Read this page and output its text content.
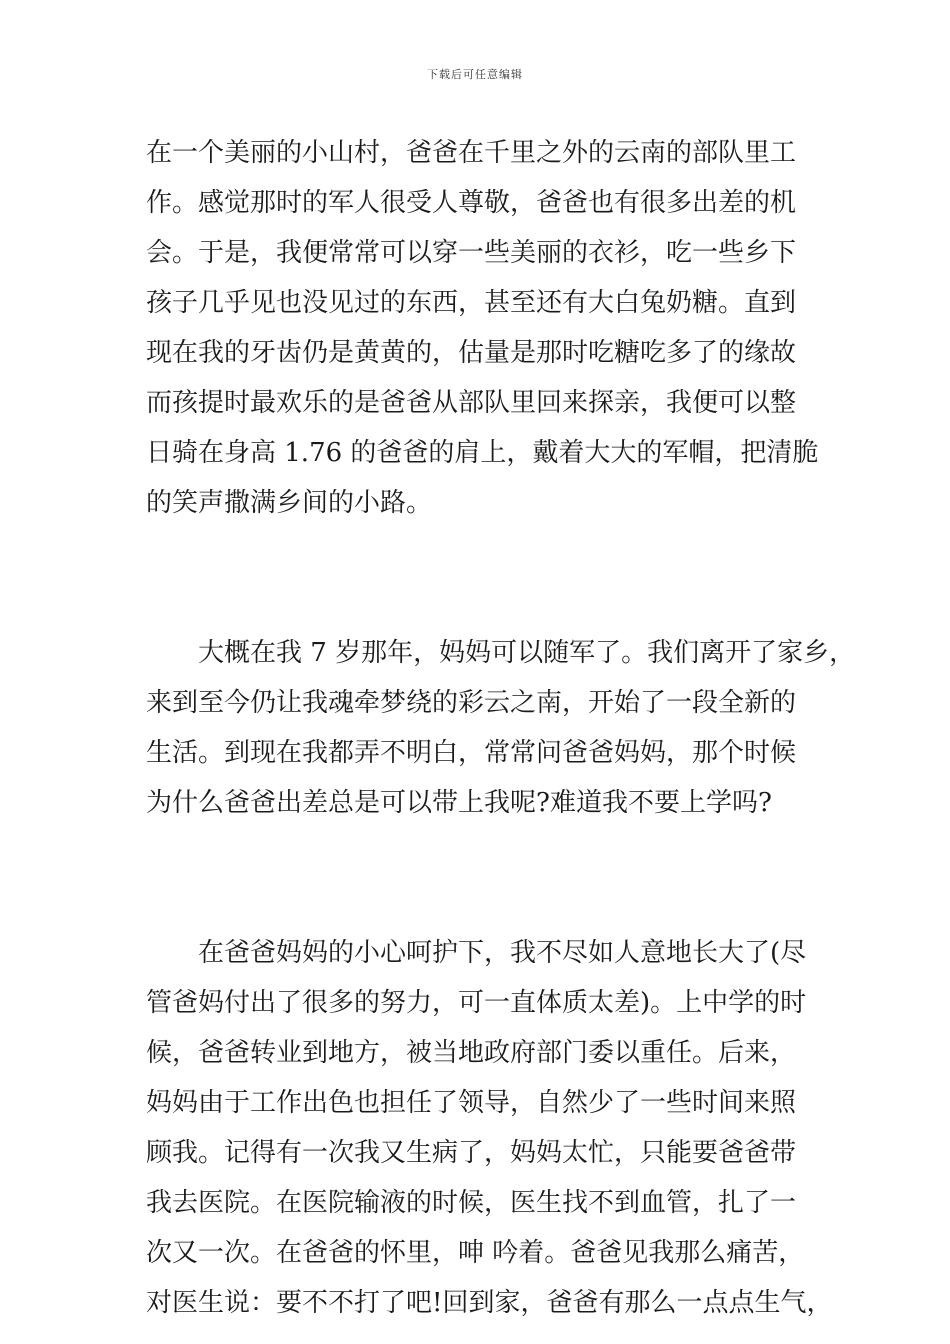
下载后可任意编辑
在一个美丽的小山村，爸爸在千里之外的云南的部队里工
作。感觉那时的军人很受人尊敬，爸爸也有很多出差的机
会。于是，我便常常可以穿一些美丽的衣衫，吃一些乡下
孩子几乎见也没见过的东西，甚至还有大白兔奶糖。直到
现在我的牙齿仍是黄黄的，估量是那时吃糖吃多了的缘故
而孩提时最欢乐的是爸爸从部队里回来探亲，我便可以整
日骑在身高 1.76 的爸爸的肩上，戴着大大的军帽，把清脆
的笑声撒满乡间的小路。
大概在我 7 岁那年，妈妈可以随军了。我们离开了家乡，
来到至今仍让我魂牵梦绕的彩云之南，开始了一段全新的
生活。到现在我都弄不明白，常常问爸爸妈妈，那个时候
为什么爸爸出差总是可以带上我呢?难道我不要上学吗?
在爸爸妈妈的小心呵护下，我不尽如人意地长大了(尽
管爸妈付出了很多的努力，可一直体质太差)。上中学的时
候，爸爸转业到地方，被当地政府部门委以重任。后来，
妈妈由于工作出色也担任了领导，自然少了一些时间来照
顾我。记得有一次我又生病了，妈妈太忙，只能要爸爸带
我去医院。在医院输液的时候，医生找不到血管，扎了一
次又一次。在爸爸的怀里，呻 吟着。爸爸见我那么痛苦，
对医生说：要不不打了吧!回到家，爸爸有那么一点点生气，
